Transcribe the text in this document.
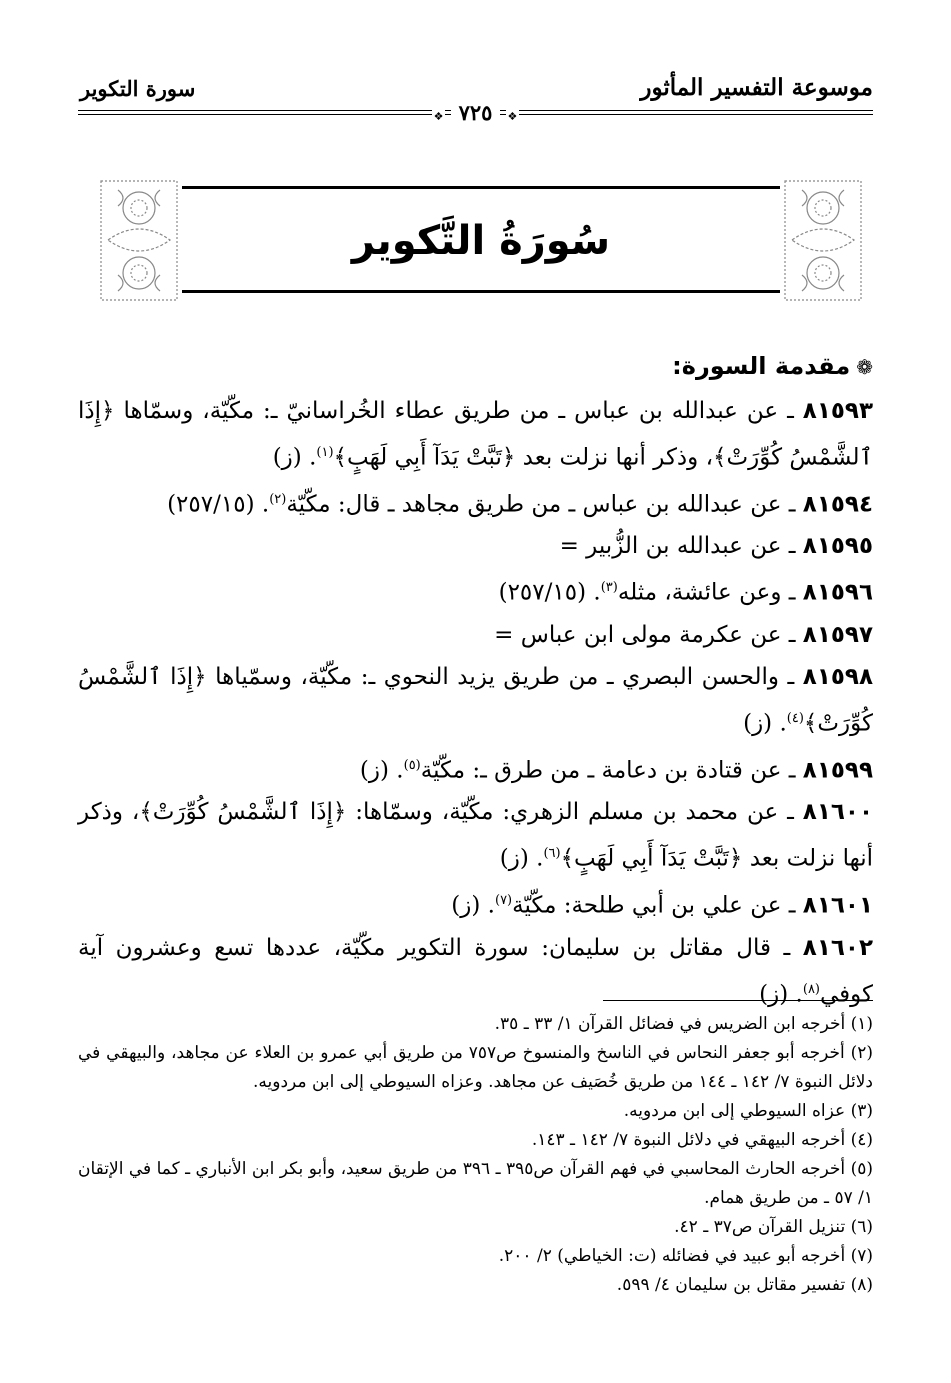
موسوعة التفسير المأثور
سورة التكوير
❖ ٧٢٥ ❖
سُورَةُ التَّكوير
❁مقدمة السورة:
٨١٥٩٣ ـ عن عبدالله بن عباس ـ من طريق عطاء الخُراسانيّ ـ: مكّيّة، وسمّاها ﴿إِذَا ٱلشَّمْسُ كُوِّرَتْ﴾، وذكر أنها نزلت بعد ﴿تَبَّتْ يَدَآ أَبِي لَهَبٍ﴾$^{(١)}$. (ز)
٨١٥٩٤ ـ عن عبدالله بن عباس ـ من طريق مجاهد ـ قال: مكّيّة$^{(٢)}$. (٢٥٧/١٥)
٨١٥٩٥ ـ عن عبدالله بن الزُّبير =
٨١٥٩٦ ـ وعن عائشة، مثله$^{(٣)}$. (٢٥٧/١٥)
٨١٥٩٧ ـ عن عكرمة مولى ابن عباس =
٨١٥٩٨ ـ والحسن البصري ـ من طريق يزيد النحوي ـ: مكّيّة، وسمّياها ﴿إِذَا ٱلشَّمْسُ كُوِّرَتْ﴾$^{(٤)}$. (ز)
٨١٥٩٩ ـ عن قتادة بن دعامة ـ من طرق ـ: مكّيّة$^{(٥)}$. (ز)
٨١٦٠٠ ـ عن محمد بن مسلم الزهري: مكّيّة، وسمّاها: ﴿إِذَا ٱلشَّمْسُ كُوِّرَتْ﴾، وذكر أنها نزلت بعد ﴿تَبَّتْ يَدَآ أَبِي لَهَبٍ﴾$^{(٦)}$. (ز)
٨١٦٠١ ـ عن علي بن أبي طلحة: مكّيّة$^{(٧)}$. (ز)
٨١٦٠٢ ـ قال مقاتل بن سليمان: سورة التكوير مكّيّة، عددها تسع وعشرون آية كوفي$^{(٨)}$. (ز)
(١) أخرجه ابن الضريس في فضائل القرآن ١/ ٣٣ ـ ٣٥.
(٢) أخرجه أبو جعفر النحاس في الناسخ والمنسوخ ص٧٥٧ من طريق أبي عمرو بن العلاء عن مجاهد، والبيهقي في دلائل النبوة ٧/ ١٤٢ ـ ١٤٤ من طريق خُصَيف عن مجاهد. وعزاه السيوطي إلى ابن مردويه.
(٣) عزاه السيوطي إلى ابن مردويه.
(٤) أخرجه البيهقي في دلائل النبوة ٧/ ١٤٢ ـ ١٤٣.
(٥) أخرجه الحارث المحاسبي في فهم القرآن ص٣٩٥ ـ ٣٩٦ من طريق سعيد، وأبو بكر ابن الأنباري ـ كما في الإتقان ١/ ٥٧ ـ من طريق همام.
(٦) تنزيل القرآن ص٣٧ ـ ٤٢.
(٧) أخرجه أبو عبيد في فضائله (ت: الخياطي) ٢/ ٢٠٠.
(٨) تفسير مقاتل بن سليمان ٤/ ٥٩٩.
